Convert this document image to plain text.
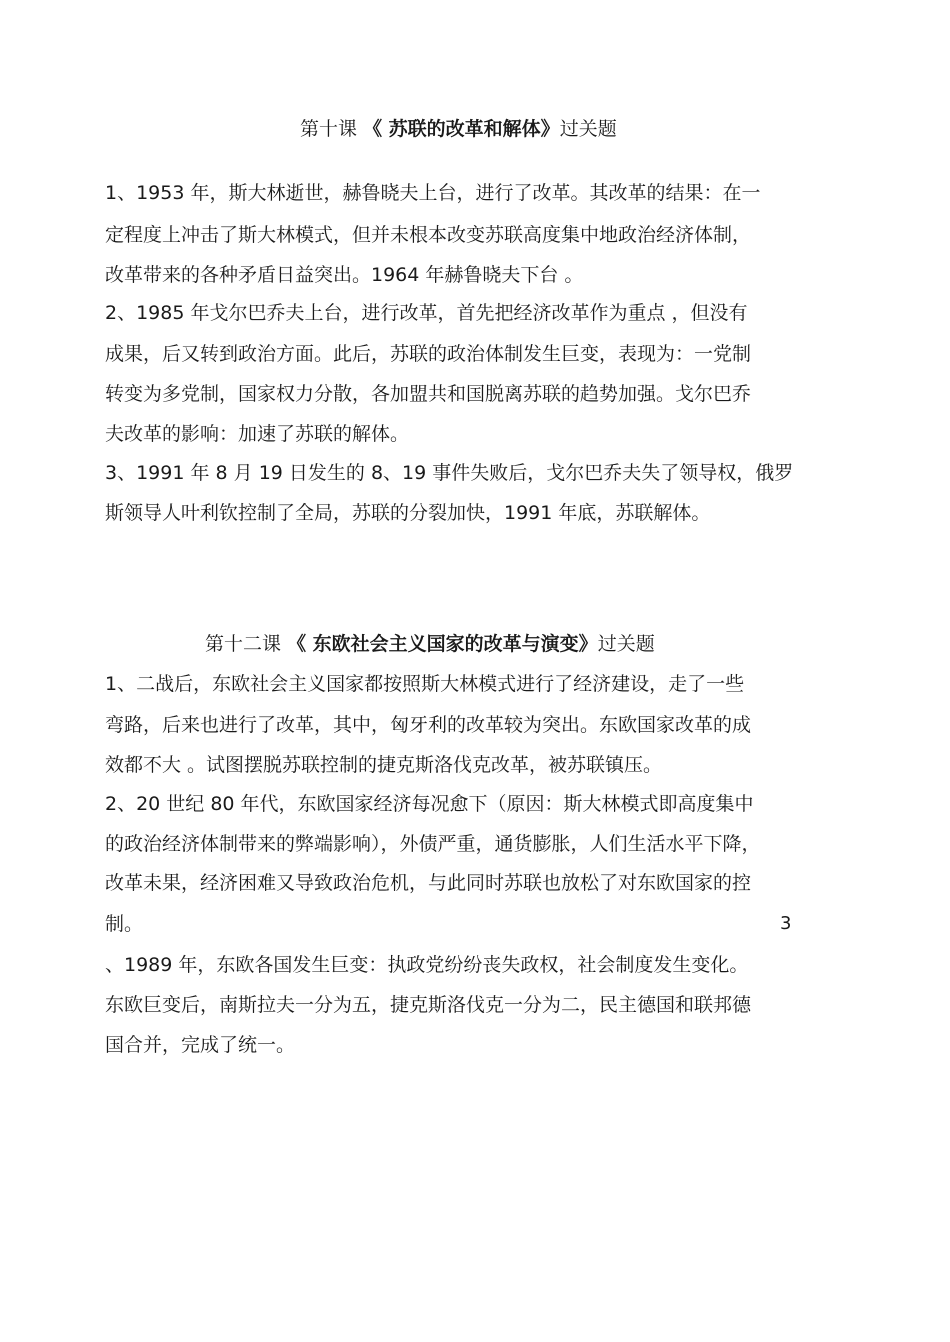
第十课 《 苏联的改革和解体》过关题
1、1953 年，斯大林逝世，赫鲁晓夫上台，进行了改革。其改革的结果：在一
定程度上冲击了斯大林模式，但并未根本改变苏联高度集中地政治经济体制，
改革带来的各种矛盾日益突出。1964 年赫鲁晓夫下台 。
2、1985 年戈尔巴乔夫上台，进行改革，首先把经济改革作为重点 ，但没有
成果，后又转到政治方面。此后，苏联的政治体制发生巨变，表现为：一党制
转变为多党制，国家权力分散，各加盟共和国脱离苏联的趋势加强。戈尔巴乔
夫改革的影响：加速了苏联的解体。
3、1991 年 8 月 19 日发生的 8、19 事件失败后，戈尔巴乔夫失了领导权，俄罗
斯领导人叶利钦控制了全局，苏联的分裂加快，1991 年底，苏联解体。
第十二课 《 东欧社会主义国家的改革与演变》过关题
1、二战后，东欧社会主义国家都按照斯大林模式进行了经济建设，走了一些
弯路，后来也进行了改革，其中，匈牙利的改革较为突出。东欧国家改革的成
效都不大 。试图摆脱苏联控制的捷克斯洛伐克改革，被苏联镇压。
2、20 世纪 80 年代，东欧国家经济每况愈下（原因：斯大林模式即高度集中
的政治经济体制带来的弊端影响），外债严重，通货膨胀，人们生活水平下降，
改革未果，经济困难又导致政治危机，与此同时苏联也放松了对东欧国家的控
制。	3
、1989 年，东欧各国发生巨变：执政党纷纷丧失政权，社会制度发生变化。
东欧巨变后，南斯拉夫一分为五，捷克斯洛伐克一分为二，民主德国和联邦德
国合并，完成了统一。
